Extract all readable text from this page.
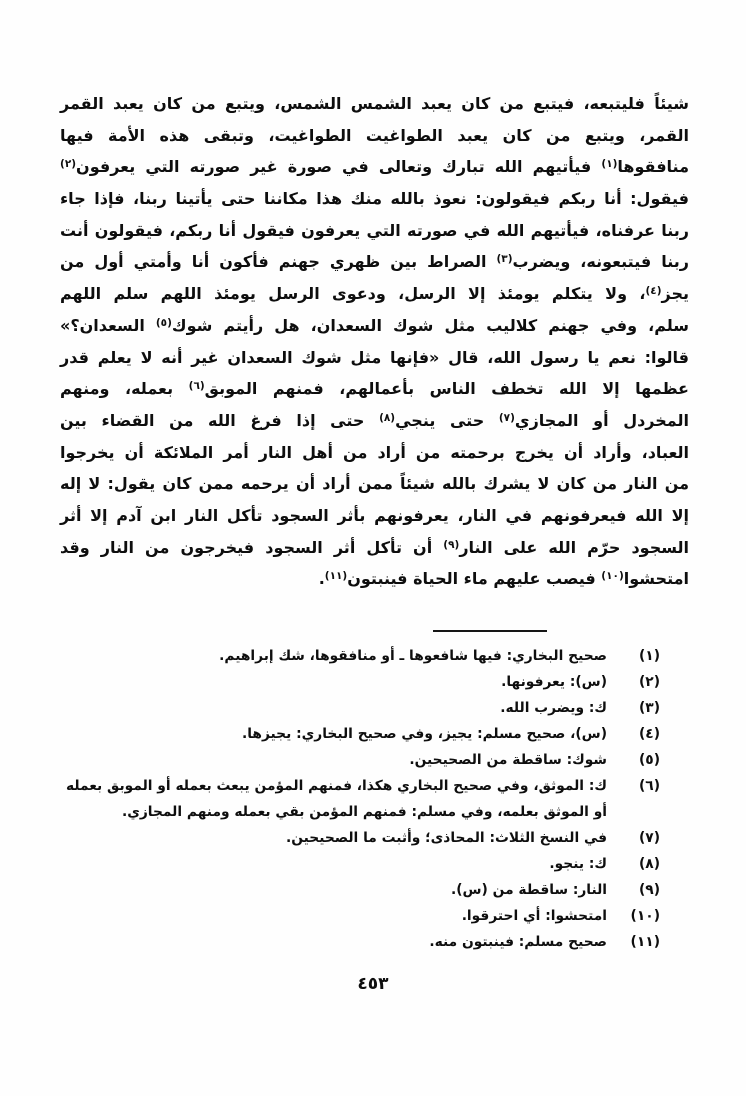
شيئاً فليتبعه، فيتبع من كان يعبد الشمس الشمس، ويتبع من كان يعبد القمر
القمر، ويتبع من كان يعبد الطواغيت الطواغيت، وتبقى هذه الأمة فيها
منافقوها$^{(١)}$ فيأتيهم الله تبارك وتعالى في صورة غير صورته التي يعرفون$^{(٢)}$
فيقول: أنا ربكم فيقولون: نعوذ بالله منك هذا مكاننا حتى يأتينا ربنا، فإذا جاء
ربنا عرفناه، فيأتيهم الله في صورته التي يعرفون فيقول أنا ربكم، فيقولون أنت
ربنا فيتبعونه، ويضرب$^{(٣)}$ الصراط بين ظهري جهنم فأكون أنا وأمتي أول من
يجز$^{(٤)}$، ولا يتكلم يومئذ إلا الرسل، ودعوى الرسل يومئذ اللهم سلم اللهم
سلم، وفي جهنم كلاليب مثل شوك السعدان، هل رأيتم شوك$^{(٥)}$ السعدان؟»
قالوا: نعم يا رسول الله، قال «فإنها مثل شوك السعدان غير أنه لا يعلم قدر
عظمها إلا الله تخطف الناس بأعمالهم، فمنهم الموبق$^{(٦)}$ بعمله، ومنهم
المخردل أو المجازي$^{(٧)}$ حتى ينجي$^{(٨)}$ حتى إذا فرغ الله من القضاء بين
العباد، وأراد أن يخرج برحمته من أراد من أهل النار أمر الملائكة أن يخرجوا
من النار من كان لا يشرك بالله شيئاً ممن أراد أن يرحمه ممن كان يقول: لا إله
إلا الله فيعرفونهم في النار، يعرفونهم بأثر السجود تأكل النار ابن آدم إلا أثر
السجود حرّم الله على النار$^{(٩)}$ أن تأكل أثر السجود فيخرجون من النار وقد
امتحشوا$^{(١٠)}$ فيصب عليهم ماء الحياة فينبتون$^{(١١)}$.
(١)
صحيح البخاري: فيها شافعوها ـ أو منافقوها، شك إبراهيم.
(٢)
(س): يعرفونها.
(٣)
ك: ويضرب الله.
(٤)
(س)، صحيح مسلم: يجيز، وفي صحيح البخاري: يجيزها.
(٥)
شوك: ساقطة من الصحيحين.
(٦)
ك: الموثق، وفي صحيح البخاري هكذا، فمنهم المؤمن يبعث بعمله أو الموبق بعمله أو الموثق بعلمه، وفي مسلم: فمنهم المؤمن بقي بعمله ومنهم المجازي.
(٧)
في النسخ الثلاث: المحاذى؛ وأثبت ما الصحيحين.
(٨)
ك: ينجو.
(٩)
النار: ساقطة من (س).
(١٠)
امتحشوا: أي احترقوا.
(١١)
صحيح مسلم: فينبتون منه.
٤٥٣
